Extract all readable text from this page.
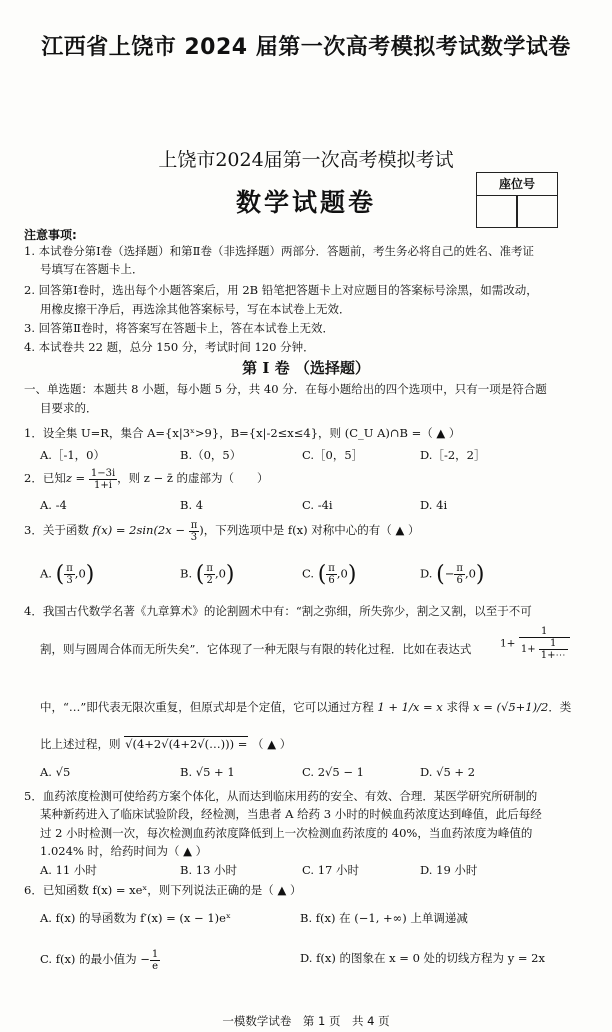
江西省上饶市 2024 届第一次高考模拟考试数学试卷
上饶市2024届第一次高考模拟考试
数学试题卷
座位号
注意事项:
1. 本试卷分第Ⅰ卷（选择题）和第Ⅱ卷（非选择题）两部分．答题前，考生务必将自己的姓名、准考证
号填写在答题卡上．
2. 回答第Ⅰ卷时，选出每个小题答案后，用 2B 铅笔把答题卡上对应题目的答案标号涂黑，如需改动，
用橡皮擦干净后，再选涂其他答案标号，写在本试卷上无效．
3. 回答第Ⅱ卷时，将答案写在答题卡上，答在本试卷上无效．
4. 本试卷共 22 题，总分 150 分，考试时间 120 分钟．
第 Ⅰ 卷 （选择题）
一、单选题：本题共 8 小题，每小题 5 分，共 40 分．在每小题给出的四个选项中，只有一项是符合题
目要求的．
1．设全集 U=R，集合 A={x|3ˣ>9}，B={x|-2≤x≤4}，则 (C_U A)∩B =（ ▲ ）
A.［-1，0）	B.（0，5）	C.［0，5］	D.［-2，2］
2．已知$z = \frac{1-3i}{1+i}$ ，则 z − z̄ 的虚部为（　　）
A. -4	B. 4	C. -4i	D. 4i
3．关于函数 $f(x) = 2\sin(2x - \frac{\pi}{3}$ )，下列选项中是 f(x) 对称中心的有（ ▲ ）
A. ( $\frac{\pi}{3} ,0$)	B. ( $\frac{\pi}{2} ,0$)	C. ( $\frac{\pi}{6} ,0$)	D. (− $\frac{\pi}{6} ,0$)
4．我国古代数学名著《九章算术》的论割圆术中有：“割之弥细，所失弥少，割之又割，以至于不可
割，则与圆周合体而无所失矣”．它体现了一种无限与有限的转化过程．比如在表达式	$1+ \frac{1}{1+ \frac{1}{1+\cdots}}$
中，“…”即代表无限次重复，但原式却是个定值，它可以通过方程 1 + 1/x = x 求得 x = (√5+1)/2．类
比上述过程，则 √(4+2√(4+2√(…))) = （ ▲ ）
A. √5	B. √5 + 1	C. 2√5 − 1	D. √5 + 2
5．血药浓度检测可使给药方案个体化，从而达到临床用药的安全、有效、合理．某医学研究所研制的
某种新药进入了临床试验阶段，经检测，当患者 A 给药 3 小时的时候血药浓度达到峰值，此后每经
过 2 小时检测一次，每次检测血药浓度降低到上一次检测血药浓度的 40%，当血药浓度为峰值的
1.024% 时，给药时间为（ ▲ ）
A. 11 小时	B. 13 小时	C. 17 小时	D. 19 小时
6．已知函数 f(x) = xeˣ，则下列说法正确的是（ ▲ ）
A. f(x) 的导函数为 f′(x) = (x − 1)eˣ	B. f(x) 在 (−1, +∞) 上单调递减
C. f(x) 的最小值为 − $\frac{1}{e}$	D. f(x) 的图象在 x = 0 处的切线方程为 y = 2x
一模数学试卷　第 1 页　共 4 页
